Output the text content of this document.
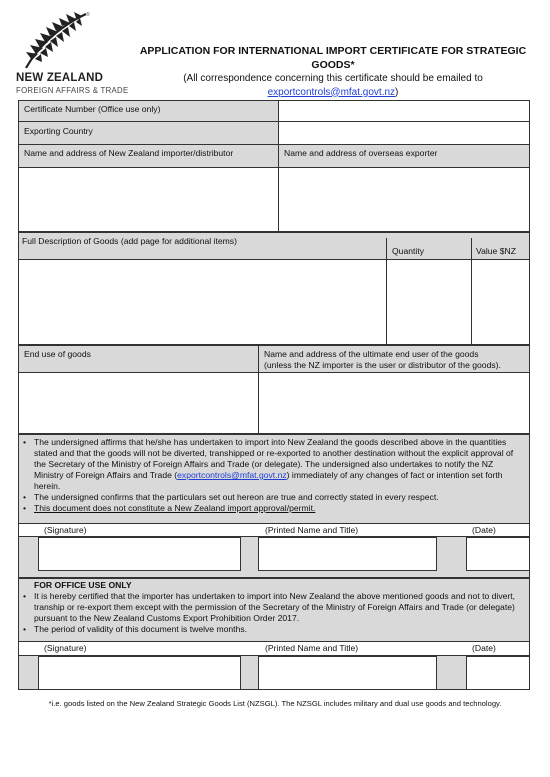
®
NEW ZEALAND
FOREIGN AFFAIRS & TRADE
APPLICATION FOR INTERNATIONAL IMPORT CERTIFICATE FOR STRATEGIC
GOODS*
(All correspondence concerning this certificate should be emailed to
exportcontrols@mfat.govt.nz)
Certificate Number (Office use only)
Exporting Country
Name and address of New Zealand importer/distributor	Name and address of overseas exporter
Full Description of Goods (add page for additional items)
Quantity	Value $NZ
End use of goods	Name and address of the ultimate end user of the goods
(unless the NZ importer is the user or distributor of the goods).
• The undersigned affirms that he/she has undertaken to import into New Zealand the goods described above in the quantities stated and that the goods will not be diverted, transhipped or re-exported to another destination without the explicit approval of the Secretary of the Ministry of Foreign Affairs and Trade (or delegate). The undersigned also undertakes to notify the NZ Ministry of Foreign Affairs and Trade (exportcontrols@mfat.govt.nz) immediately of any changes of fact or intention set forth herein.
• The undersigned confirms that the particulars set out hereon are true and correctly stated in every respect.
• This document does not constitute a New Zealand import approval/permit.
(Signature)	(Printed Name and Title)	(Date)
FOR OFFICE USE ONLY
• It is hereby certified that the importer has undertaken to import into New Zealand the above mentioned goods and not to divert, tranship or re-export them except with the permission of the Secretary of the Ministry of Foreign Affairs and Trade (or delegate) pursuant to the New Zealand Customs Export Prohibition Order 2017.
• The period of validity of this document is twelve months.
(Signature)	(Printed Name and Title)	(Date)
*i.e. goods listed on the New Zealand Strategic Goods List (NZSGL). The NZSGL includes military and dual use goods and technology.
